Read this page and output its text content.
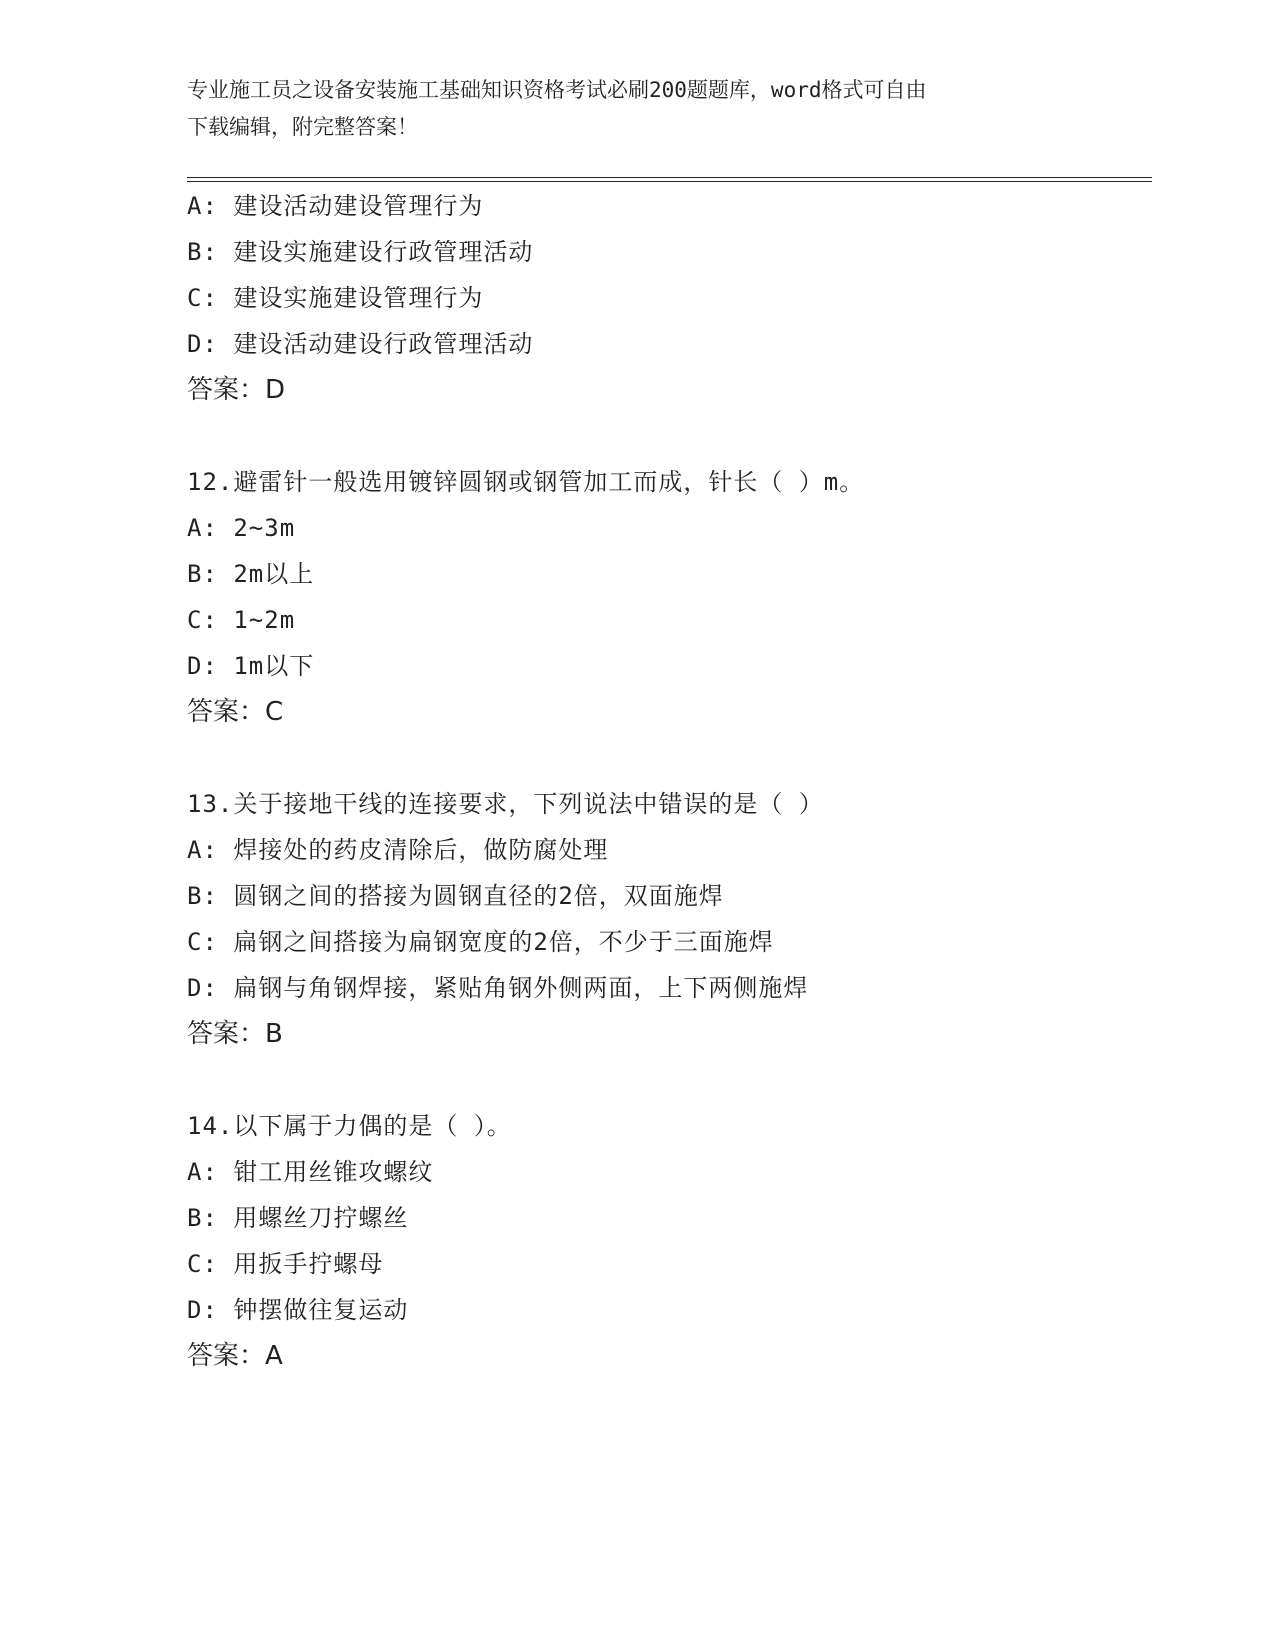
专业施工员之设备安装施工基础知识资格考试必刷200题题库，word格式可自由
下载编辑，附完整答案！
A: 建设活动建设管理行为
B: 建设实施建设行政管理活动
C: 建设实施建设管理行为
D: 建设活动建设行政管理活动
答案：D
12.避雷针一般选用镀锌圆钢或钢管加工而成，针长（ ）m。
A: 2~3m
B: 2m以上
C: 1~2m
D: 1m以下
答案：C
13.关于接地干线的连接要求，下列说法中错误的是（ ）
A: 焊接处的药皮清除后，做防腐处理
B: 圆钢之间的搭接为圆钢直径的2倍，双面施焊
C: 扁钢之间搭接为扁钢宽度的2倍，不少于三面施焊
D: 扁钢与角钢焊接，紧贴角钢外侧两面，上下两侧施焊
答案：B
14.以下属于力偶的是（ ）。
A: 钳工用丝锥攻螺纹
B: 用螺丝刀拧螺丝
C: 用扳手拧螺母
D: 钟摆做往复运动
答案：A
